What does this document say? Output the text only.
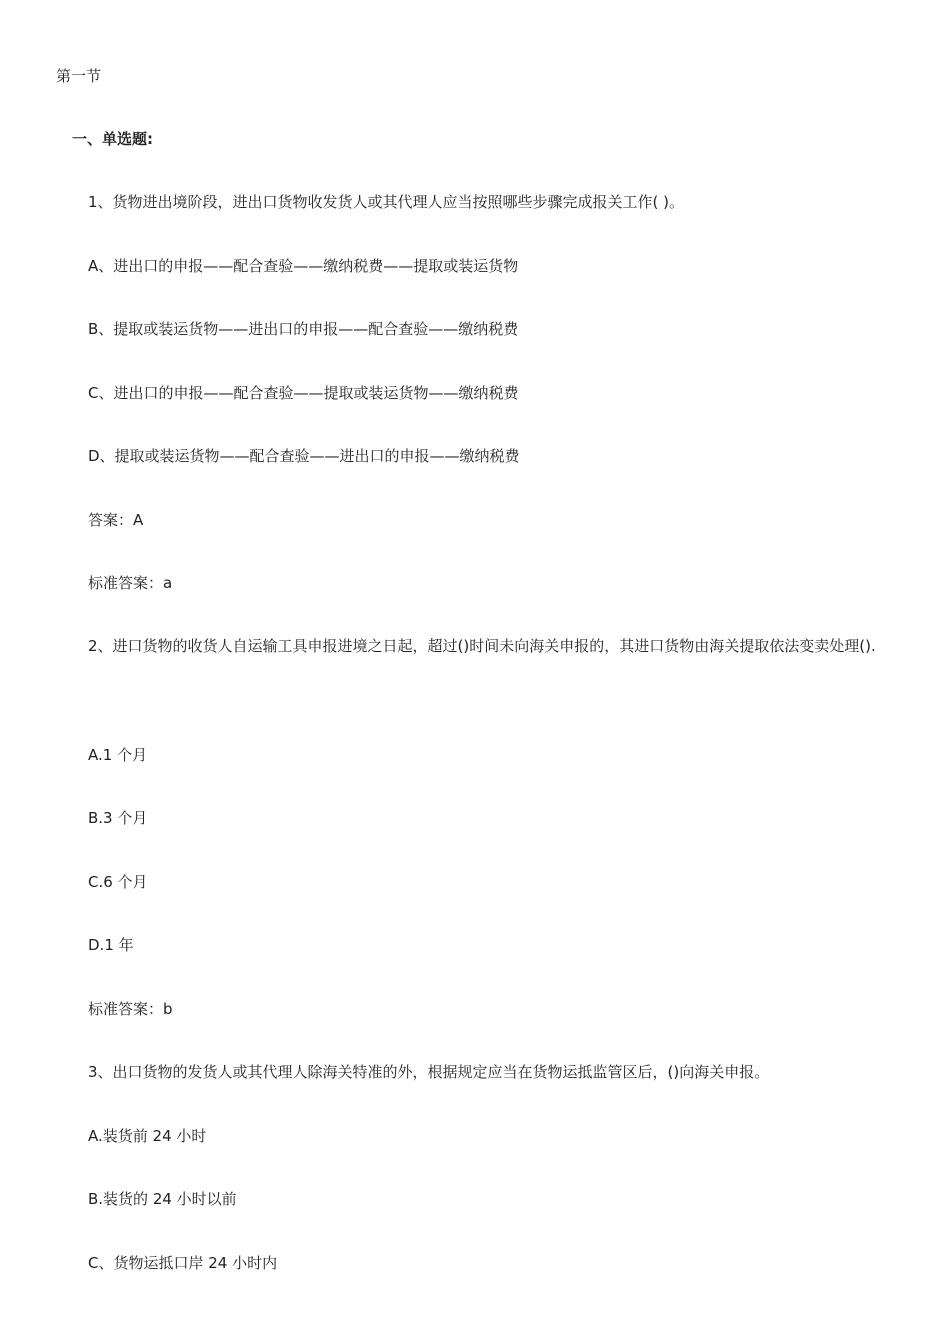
第一节
一、单选题:
1、货物进出境阶段，进出口货物收发货人或其代理人应当按照哪些步骤完成报关工作( )。
A、进出口的申报——配合查验——缴纳税费——提取或装运货物
B、提取或装运货物——进出口的申报——配合查验——缴纳税费
C、进出口的申报——配合查验——提取或装运货物——缴纳税费
D、提取或装运货物——配合查验——进出口的申报——缴纳税费
答案：A
标准答案：a
2、进口货物的收货人自运输工具申报进境之日起，超过()时间未向海关申报的，其进口货物由海关提取依法变卖处理().
A.1 个月
B.3 个月
C.6 个月
D.1 年
标准答案：b
3、出口货物的发货人或其代理人除海关特准的外，根据规定应当在货物运抵监管区后，()向海关申报。
A.装货前 24 小时
B.装货的 24 小时以前
C、货物运抵口岸 24 小时内
